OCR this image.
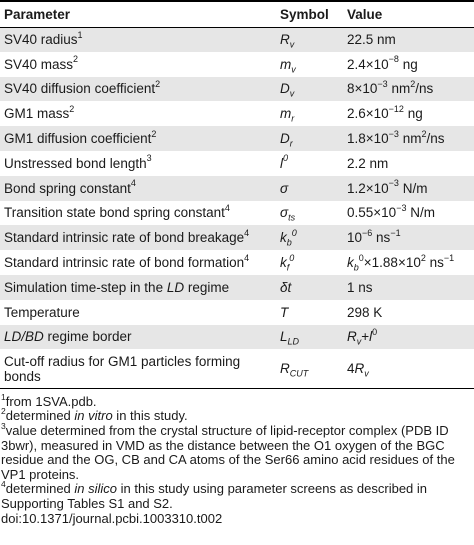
Parameter	Symbol	Value
SV40 radius$^1$	$R_v$	22.5 nm
SV40 mass$^2$	$m_v$	$2.4\times 10^{-8}$ ng
SV40 diffusion coefficient$^2$	$D_v$	$8\times 10^{-3}$ $nm^2/ns$
GM1 mass$^2$	$m_r$	$2.6\times 10^{-12}$ ng
GM1 diffusion coefficient$^2$	$D_r$	$1.8\times 10^{-3}$ $nm^2/ns$
Unstressed bond length$^3$	$l^0$	2.2 nm
Bond spring constant$^4$	σ	$1.2\times 10^{-3}$ N/m
Transition state bond spring constant$^4$	$\sigma_{ts}$	$0.55\times 10^{-3}$ N/m
Standard intrinsic rate of bond breakage$^4$	$k_b^0$	$10^{-6}$ $ns^{-1}$
Standard intrinsic rate of bond formation$^4$	$k_f^0$	$k_b^0\times 1.88\times 10^2$ $ns^{-1}$
Simulation time-step in the LD regime	δt	1 ns
Temperature	T	298 K
LD/BD regime border	$L_{LD}$	$R_v+l^0$
Cut-off radius for GM1 particles forming bonds	$R_{CUT}$	$4R_v$

$^1$from 1SVA.pdb.

$^2$determined in vitro in this study.

$^3$value determined from the crystal structure of lipid-receptor complex (PDB ID 3bwr), measured in VMD as the distance between the O1 oxygen of the BGC residue and the OG, CB and CA atoms of the Ser66 amino acid residues of the VP1 proteins.

$^4$determined in silico in this study using parameter screens as described in Supporting Tables S1 and S2.

doi:10.1371/journal.pcbi.1003310.t002
